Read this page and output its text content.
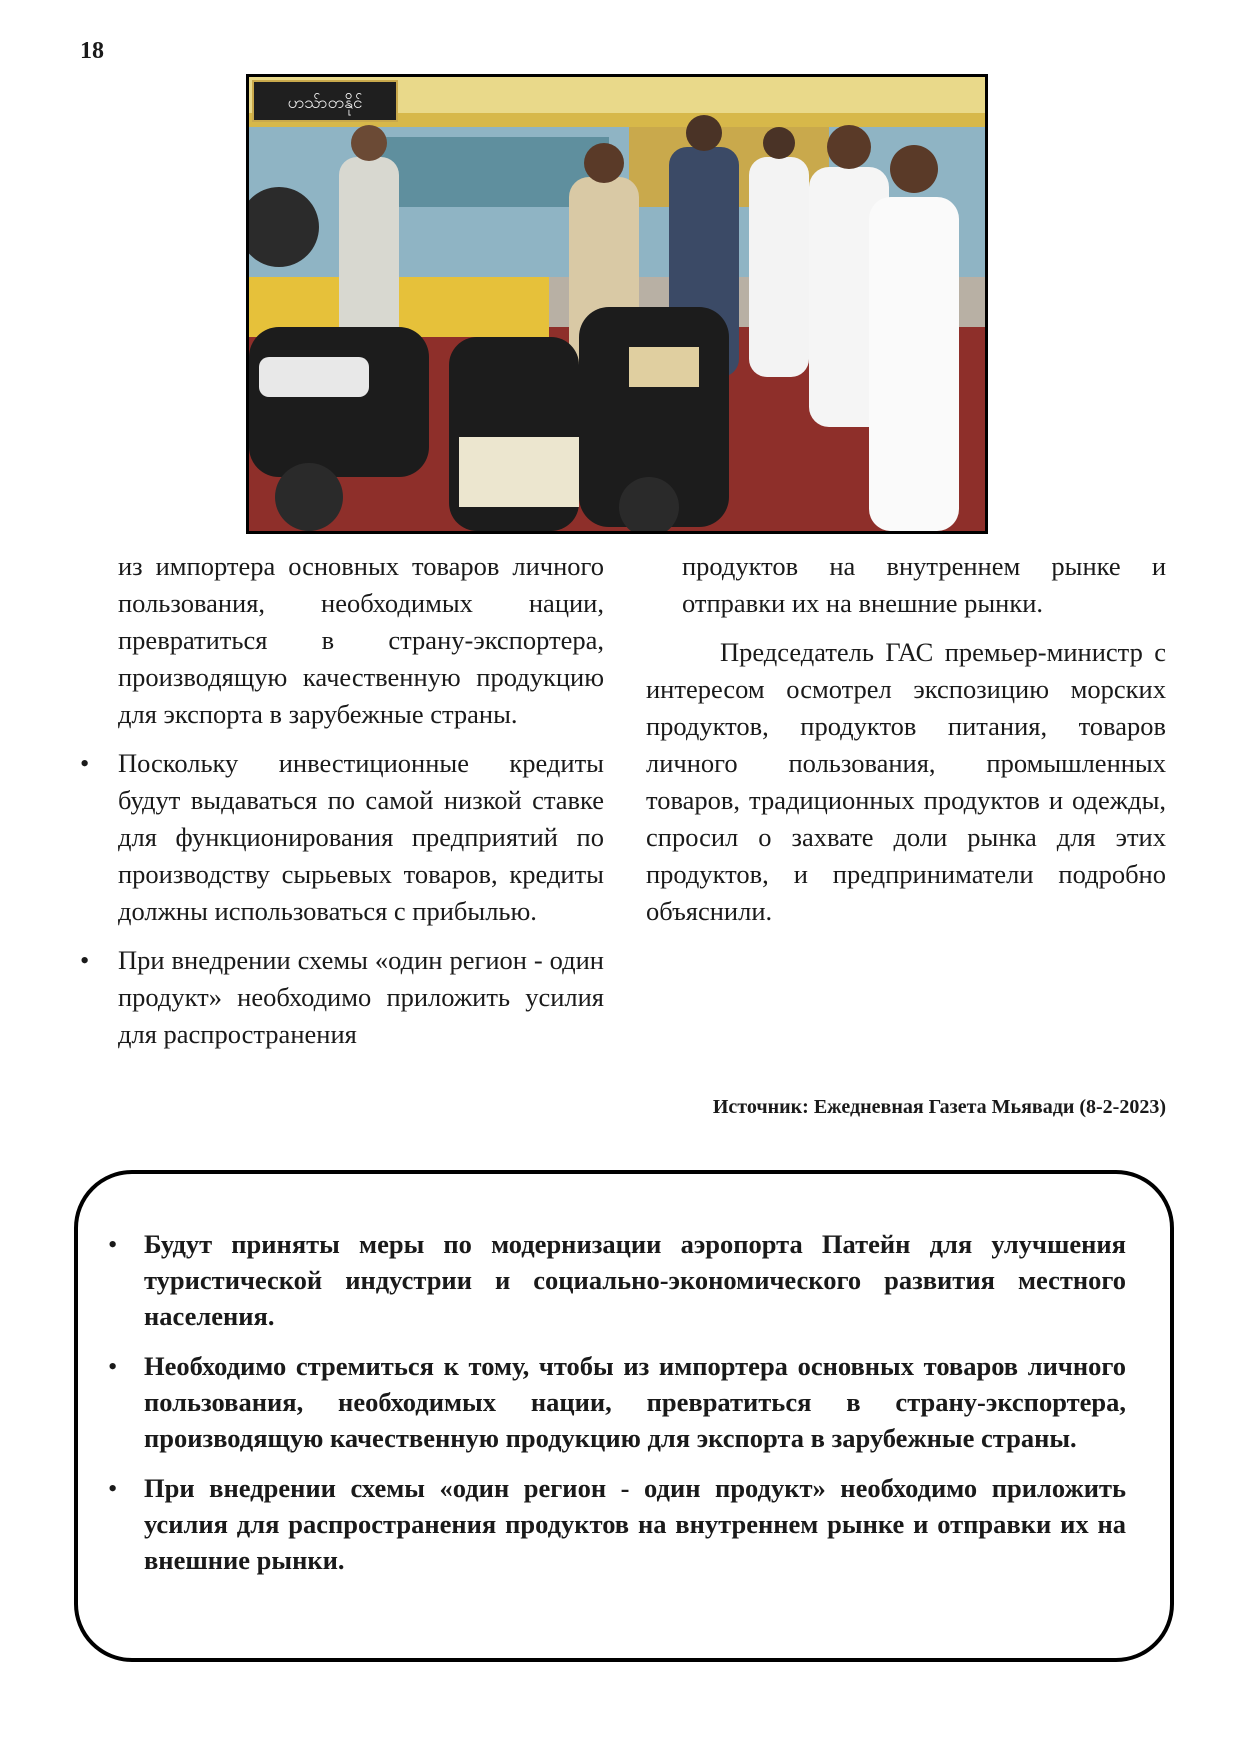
18
ဟသ်ာတနိုင်

из импортера основных товаров личного пользования, необходимых нации, превратиться в страну-экспортера, производящую качественную продукцию для экспорта в зарубежные страны.

• Поскольку инвестиционные кредиты будут выдаваться по самой низкой ставке для функционирования предприятий по производству сырьевых товаров, кредиты должны использоваться с прибылью.
• При внедрении схемы «один регион - один продукт» необходимо приложить усилия для распространения

продуктов на внутреннем рынке и отправки их на внешние рынки.

Председатель ГАС премьер-министр с интересом осмотрел экспозицию морских продуктов, продуктов питания, товаров личного пользования, промышленных товаров, традиционных продуктов и одежды, спросил о захвате доли рынка для этих продуктов, и предприниматели подробно объяснили.

Источник: Ежедневная Газета Мьявади (8-2-2023)
• Будут приняты меры по модернизации аэропорта Патейн для улучшения туристической индустрии и социально-экономического развития местного населения.
• Необходимо стремиться к тому, чтобы из импортера основных товаров личного пользования, необходимых нации, превратиться в страну-экспортера, производящую качественную продукцию для экспорта в зарубежные страны.
• При внедрении схемы «один регион - один продукт» необходимо приложить усилия для распространения продуктов на внутреннем рынке и отправки их на внешние рынки.
